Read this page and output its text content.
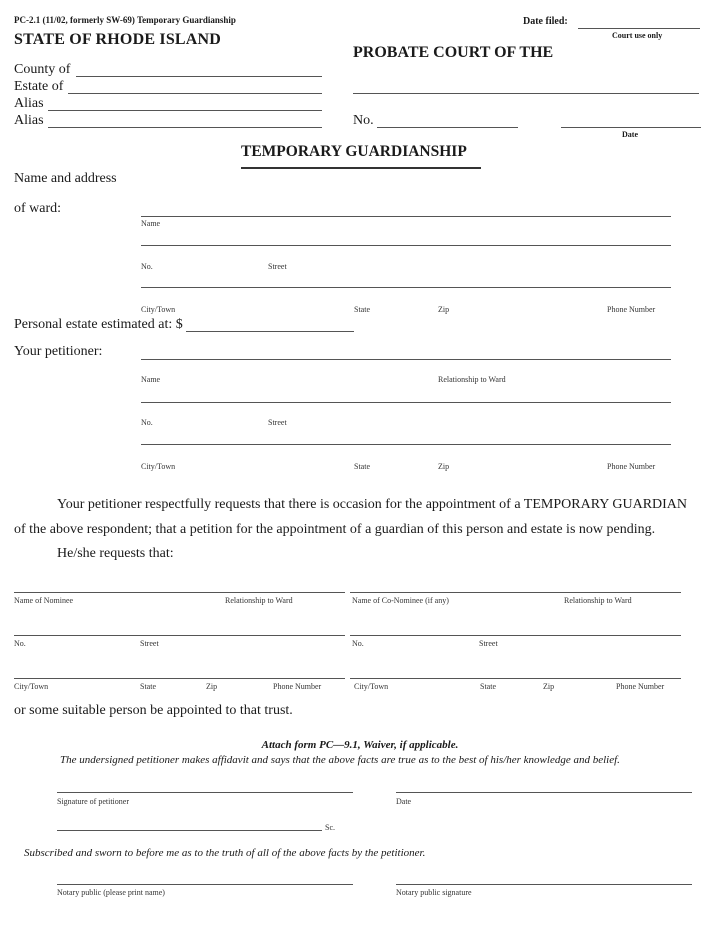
PC-2.1 (11/02, formerly SW-69) Temporary Guardianship
STATE OF RHODE ISLAND
Date filed:
Court use only
PROBATE COURT OF THE
County of
Estate of
Alias
Alias	No.
Date
TEMPORARY GUARDIANSHIP
Name and address
of ward:
Name
No.	Street
City/Town	State	Zip	Phone Number
Personal estate estimated at: $
Your petitioner:
Name	Relationship to Ward
No.	Street
City/Town	State	Zip	Phone Number
Your petitioner respectfully requests that there is occasion for the appointment of a TEMPORARY GUARDIAN
of the above respondent; that a petition for the appointment of a guardian of this person and estate is now pending.
He/she requests that:
Name of Nominee	Relationship to Ward
No.	Street
City/Town	State	Zip	Phone Number
Name of Co-Nominee (if any)	Relationship to Ward
No.	Street
City/Town	State	Zip	Phone Number
or some suitable person be appointed to that trust.
Attach form PC—9.1, Waiver, if applicable.
The undersigned petitioner makes affidavit and says that the above facts are true as to the best of his/her knowledge and belief.
Signature of petitioner	Date
Sc.
Subscribed and sworn to before me as to the truth of all of the above facts by the petitioner.
Notary public (please print name)	Notary public signature
